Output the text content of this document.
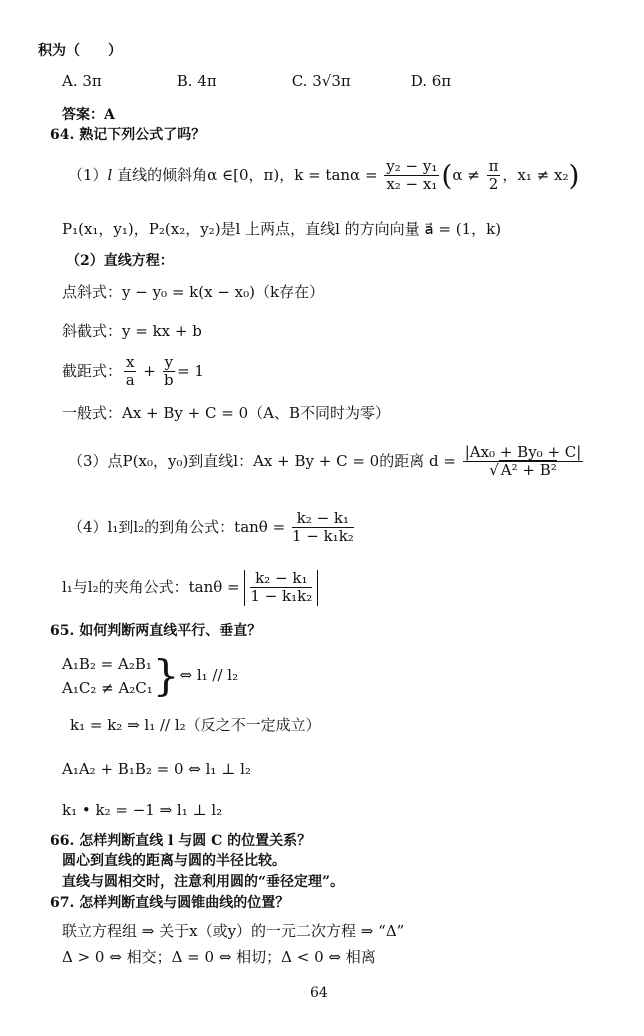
积为（　　）
A. 3π　　　　　B. 4π　　　　　C. 3√3π　　　　D. 6π
答案：A
64. 熟记下列公式了吗？
（1）l 直线的倾斜角α ∈[0，π)，$k = \tan\alpha = \frac{\text{y₂ − y₁}}{\text{x₂ − x₁}} (\alpha \ne \frac{\pi}{2}$ ，x₁ ≠ x₂)
P₁(x₁，y₁)，P₂(x₂，y₂)是l 上两点，直线l 的方向向量 a⃗ = (1，k)
（2）直线方程：
点斜式：y − y₀ = k(x − x₀)（k存在）
斜截式：y = kx + b
截距式： $\frac{x}{a} + \frac{y}{b} = 1$
一般式：Ax + By + C = 0（A、B不同时为零）
（3）点P(x₀，y₀)到直线l：Ax + By + C = 0的距离 $d = \frac{\text{|Ax₀ + By₀ + C|}}{\text{√ A² + B²}}$
（4）l₁到l₂的到角公式：$\tan\theta = \frac{\text{k₂ − k₁}}{\text{1 − k₁k₂}}$
l₁与l₂的夹角公式：$\tan\theta = \frac{\text{k₂ − k₁}}{\text{1 − k₁k₂}}$
65. 如何判断两直线平行、垂直？
A₁B₂ = A₂B₁
A₁C₂ ≠ A₂C₁ }⇔ l₁ // l₂
k₁ = k₂ ⇒ l₁ // l₂（反之不一定成立）
A₁A₂ + B₁B₂ = 0 ⇔ l₁ ⊥ l₂
k₁ • k₂ = −1 ⇒ l₁ ⊥ l₂
66. 怎样判断直线 l 与圆 C 的位置关系？
圆心到直线的距离与圆的半径比较。
直线与圆相交时，注意利用圆的“垂径定理”。
67. 怎样判断直线与圆锥曲线的位置？
联立方程组 ⇒ 关于x（或y）的一元二次方程 ⇒ “Δ”
Δ > 0 ⇔ 相交；Δ = 0 ⇔ 相切；Δ < 0 ⇔ 相离
64
